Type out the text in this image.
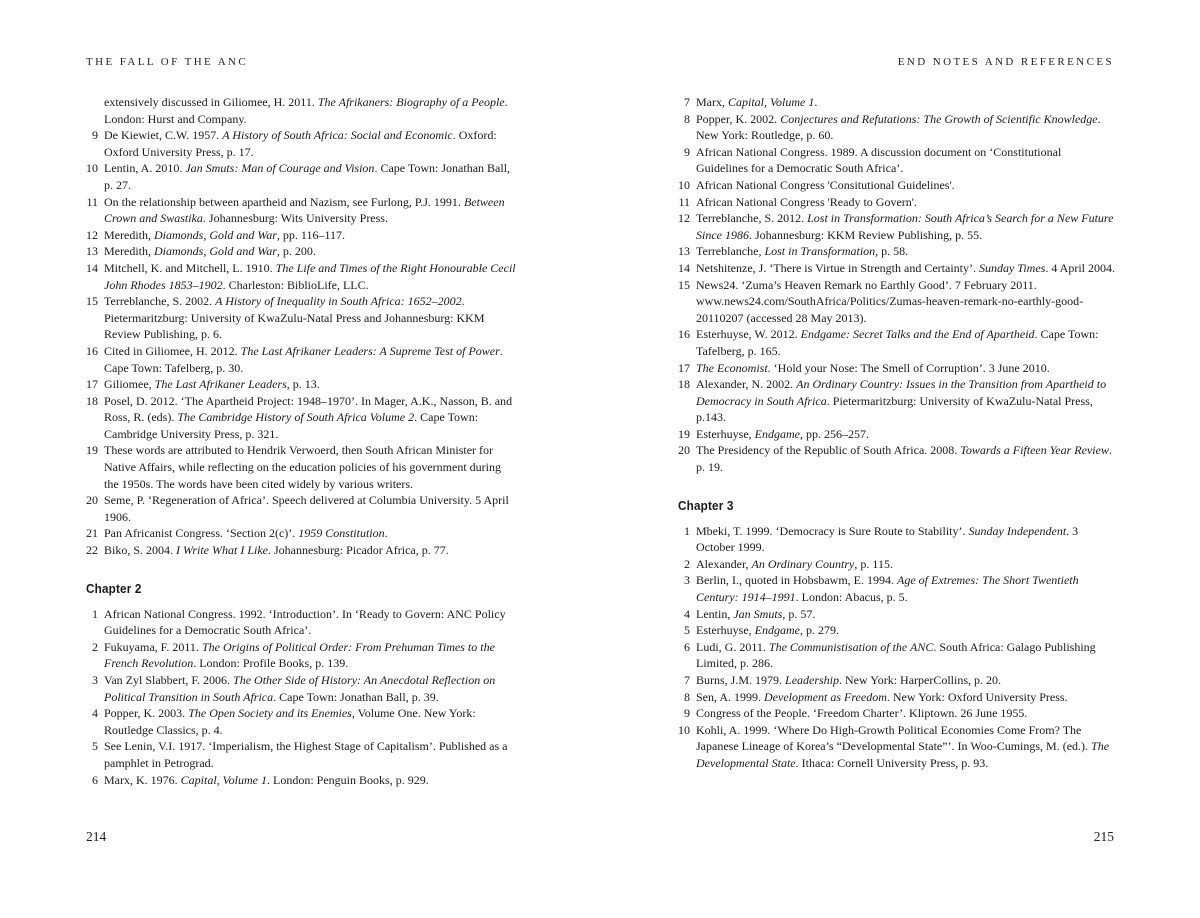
THE FALL OF THE ANC
extensively discussed in Giliomee, H. 2011. The Afrikaners: Biography of a People. London: Hurst and Company.
9 De Kiewiet, C.W. 1957. A History of South Africa: Social and Economic. Oxford: Oxford University Press, p. 17.
10 Lentin, A. 2010. Jan Smuts: Man of Courage and Vision. Cape Town: Jonathan Ball, p. 27.
11 On the relationship between apartheid and Nazism, see Furlong, P.J. 1991. Between Crown and Swastika. Johannesburg: Wits University Press.
12 Meredith, Diamonds, Gold and War, pp. 116–117.
13 Meredith, Diamonds, Gold and War, p. 200.
14 Mitchell, K. and Mitchell, L. 1910. The Life and Times of the Right Honourable Cecil John Rhodes 1853–1902. Charleston: BiblioLife, LLC.
15 Terreblanche, S. 2002. A History of Inequality in South Africa: 1652–2002. Pietermaritzburg: University of KwaZulu-Natal Press and Johannesburg: KKM Review Publishing, p. 6.
16 Cited in Giliomee, H. 2012. The Last Afrikaner Leaders: A Supreme Test of Power. Cape Town: Tafelberg, p. 30.
17 Giliomee, The Last Afrikaner Leaders, p. 13.
18 Posel, D. 2012. ‘The Apartheid Project: 1948–1970’. In Mager, A.K., Nasson, B. and Ross, R. (eds). The Cambridge History of South Africa Volume 2. Cape Town: Cambridge University Press, p. 321.
19 These words are attributed to Hendrik Verwoerd, then South African Minister for Native Affairs, while reflecting on the education policies of his government during the 1950s. The words have been cited widely by various writers.
20 Seme, P. ‘Regeneration of Africa’. Speech delivered at Columbia University. 5 April 1906.
21 Pan Africanist Congress. ‘Section 2(c)’. 1959 Constitution.
22 Biko, S. 2004. I Write What I Like. Johannesburg: Picador Africa, p. 77.
Chapter 2
1 African National Congress. 1992. ‘Introduction’. In ‘Ready to Govern: ANC Policy Guidelines for a Democratic South Africa’.
2 Fukuyama, F. 2011. The Origins of Political Order: From Prehuman Times to the French Revolution. London: Profile Books, p. 139.
3 Van Zyl Slabbert, F. 2006. The Other Side of History: An Anecdotal Reflection on Political Transition in South Africa. Cape Town: Jonathan Ball, p. 39.
4 Popper, K. 2003. The Open Society and its Enemies, Volume One. New York: Routledge Classics, p. 4.
5 See Lenin, V.I. 1917. ‘Imperialism, the Highest Stage of Capitalism’. Published as a pamphlet in Petrograd.
6 Marx, K. 1976. Capital, Volume 1. London: Penguin Books, p. 929.
214
END NOTES AND REFERENCES
7 Marx, Capital, Volume 1.
8 Popper, K. 2002. Conjectures and Refutations: The Growth of Scientific Knowledge. New York: Routledge, p. 60.
9 African National Congress. 1989. A discussion document on ‘Constitutional Guidelines for a Democratic South Africa’.
10 African National Congress 'Consitutional Guidelines'.
11 African National Congress 'Ready to Govern'.
12 Terreblanche, S. 2012. Lost in Transformation: South Africa’s Search for a New Future Since 1986. Johannesburg: KKM Review Publishing, p. 55.
13 Terreblanche, Lost in Transformation, p. 58.
14 Netshitenze, J. ‘There is Virtue in Strength and Certainty’. Sunday Times. 4 April 2004.
15 News24. ‘Zuma’s Heaven Remark no Earthly Good’. 7 February 2011. www.news24.com/SouthAfrica/Politics/Zumas-heaven-remark-no-earthly-good-20110207 (accessed 28 May 2013).
16 Esterhuyse, W. 2012. Endgame: Secret Talks and the End of Apartheid. Cape Town: Tafelberg, p. 165.
17 The Economist. ‘Hold your Nose: The Smell of Corruption’. 3 June 2010.
18 Alexander, N. 2002. An Ordinary Country: Issues in the Transition from Apartheid to Democracy in South Africa. Pietermaritzburg: University of KwaZulu-Natal Press, p.143.
19 Esterhuyse, Endgame, pp. 256–257.
20 The Presidency of the Republic of South Africa. 2008. Towards a Fifteen Year Review. p. 19.
Chapter 3
1 Mbeki, T. 1999. ‘Democracy is Sure Route to Stability’. Sunday Independent. 3 October 1999.
2 Alexander, An Ordinary Country, p. 115.
3 Berlin, I., quoted in Hobsbawm, E. 1994. Age of Extremes: The Short Twentieth Century: 1914–1991. London: Abacus, p. 5.
4 Lentin, Jan Smuts, p. 57.
5 Esterhuyse, Endgame, p. 279.
6 Ludi, G. 2011. The Communistisation of the ANC. South Africa: Galago Publishing Limited, p. 286.
7 Burns, J.M. 1979. Leadership. New York: HarperCollins, p. 20.
8 Sen, A. 1999. Development as Freedom. New York: Oxford University Press.
9 Congress of the People. ‘Freedom Charter’. Kliptown. 26 June 1955.
10 Kohli, A. 1999. ‘Where Do High-Growth Political Economies Come From? The Japanese Lineage of Korea’s “Developmental State”’. In Woo-Cumings, M. (ed.). The Developmental State. Ithaca: Cornell University Press, p. 93.
215
